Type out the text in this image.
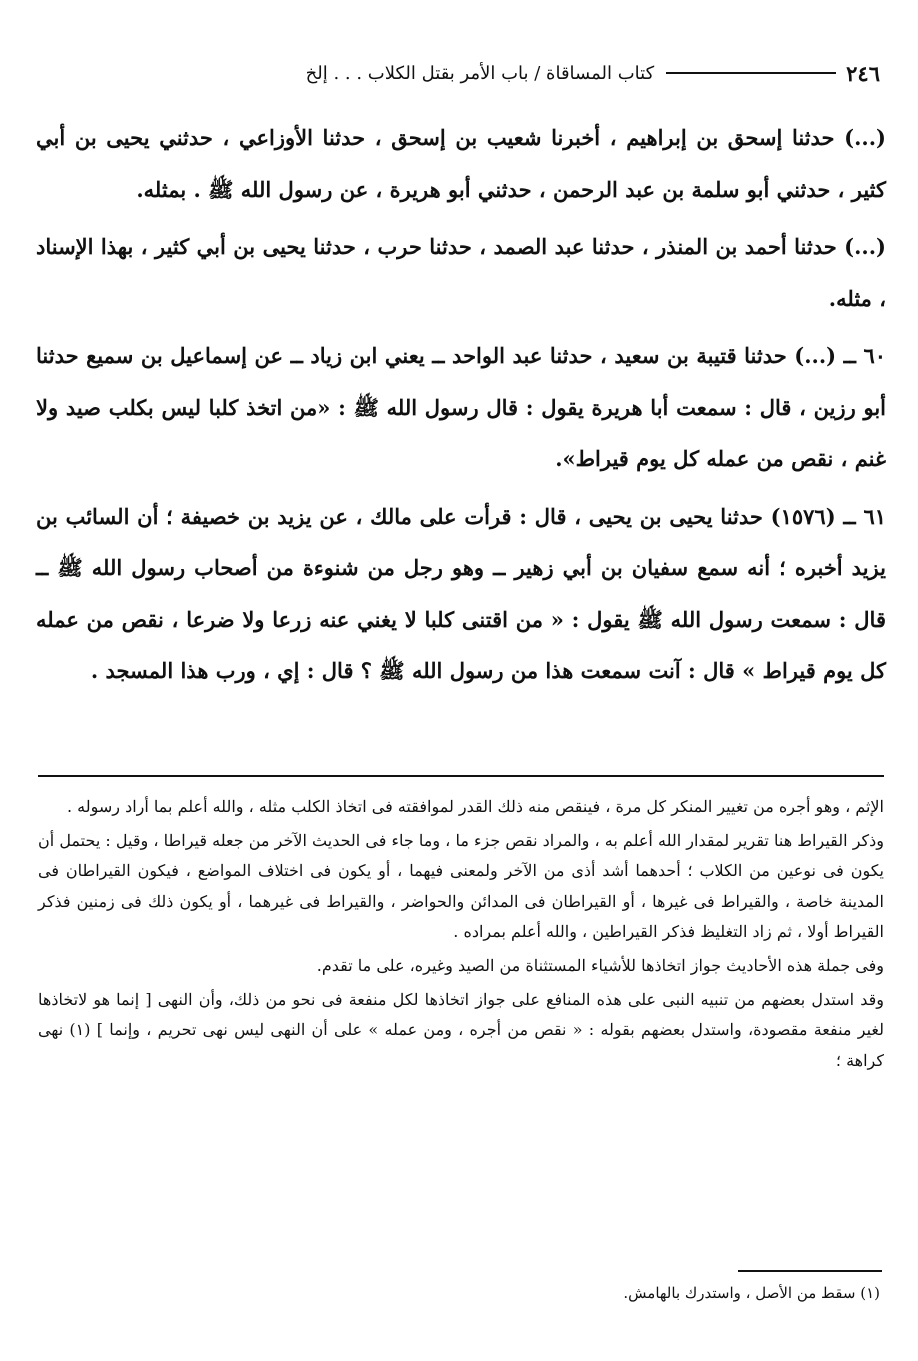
٢٤٦
كتاب المساقاة / باب الأمر بقتل الكلاب . . . إلخ

(...) حدثنا إسحق بن إبراهيم ، أخبرنا شعيب بن إسحق ، حدثنا الأوزاعي ، حدثني يحيى بن أبي كثير ، حدثني أبو سلمة بن عبد الرحمن ، حدثني أبو هريرة ، عن رسول الله ﷺ . بمثله.

(...) حدثنا أحمد بن المنذر ، حدثنا عبد الصمد ، حدثنا حرب ، حدثنا يحيى بن أبي كثير ، بهذا الإسناد ، مثله.

٦٠ ــ (...) حدثنا قتيبة بن سعيد ، حدثنا عبد الواحد ــ يعني ابن زياد ــ عن إسماعيل بن سميع حدثنا أبو رزين ، قال : سمعت أبا هريرة يقول : قال رسول الله ﷺ : «من اتخذ كلبا ليس بكلب صيد ولا غنم ، نقص من عمله كل يوم قيراط».

٦١ ــ (١٥٧٦) حدثنا يحيى بن يحيى ، قال : قرأت على مالك ، عن يزيد بن خصيفة ؛ أن السائب بن يزيد أخبره ؛ أنه سمع سفيان بن أبي زهير ــ وهو رجل من شنوءة من أصحاب رسول الله ﷺ ــ قال : سمعت رسول الله ﷺ يقول : « من اقتنى كلبا لا يغني عنه زرعا ولا ضرعا ، نقص من عمله كل يوم قيراط » قال : آنت سمعت هذا من رسول الله ﷺ ؟ قال : إي ، ورب هذا المسجد .

الإثم ، وهو أجره من تغيير المنكر كل مرة ، فينقص منه ذلك القدر لموافقته فى اتخاذ الكلب مثله ، والله أعلم بما أراد رسوله .

وذكر القيراط هنا تقرير لمقدار الله أعلم به ، والمراد نقص جزء ما ، وما جاء فى الحديث الآخر من جعله قيراطا ، وقيل : يحتمل أن يكون فى نوعين من الكلاب ؛ أحدهما أشد أذى من الآخر ولمعنى فيهما ، أو يكون فى اختلاف المواضع ، فيكون القيراطان فى المدينة خاصة ، والقيراط فى غيرها ، أو القيراطان فى المدائن والحواضر ، والقيراط فى غيرهما ، أو يكون ذلك فى زمنين فذكر القيراط أولا ، ثم زاد التغليظ فذكر القيراطين ، والله أعلم بمراده .

وفى جملة هذه الأحاديث جواز اتخاذها للأشياء المستثناة من الصيد وغيره، على ما تقدم.

وقد استدل بعضهم من تنبيه النبى على هذه المنافع على جواز اتخاذها لكل منفعة فى نحو من ذلك، وأن النهى [ إنما هو لاتخاذها لغير منفعة مقصودة، واستدل بعضهم بقوله : « نقص من أجره ، ومن عمله » على أن النهى ليس نهى تحريم ، وإنما ] (١) نهى كراهة ؛

(١) سقط من الأصل ، واستدرك بالهامش.
